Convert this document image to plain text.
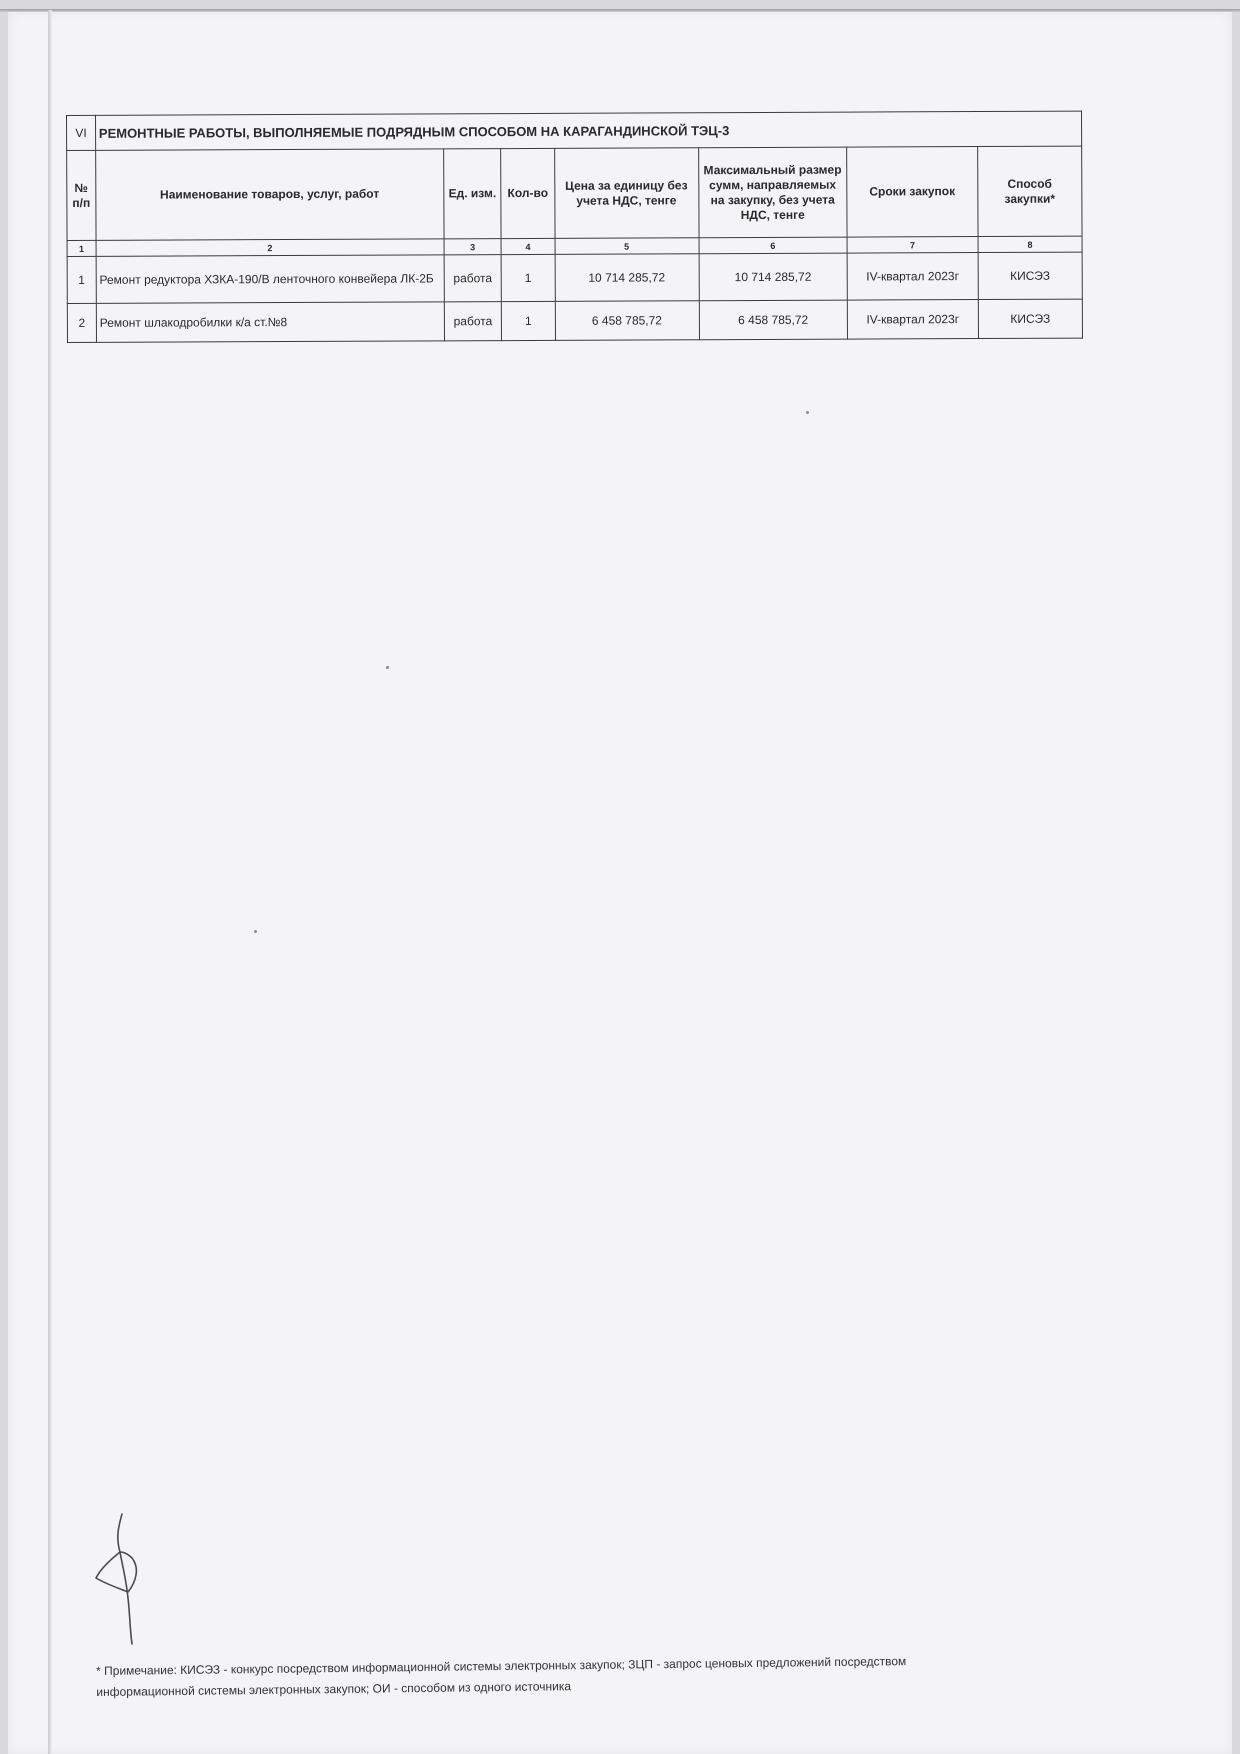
VI	РЕМОНТНЫЕ РАБОТЫ, ВЫПОЛНЯЕМЫЕ ПОДРЯДНЫМ СПОСОБОМ НА КАРАГАНДИНСКОЙ ТЭЦ-3						
№ п/п	Наименование товаров, услуг, работ	Ед. изм.	Кол-во	Цена за единицу без учета НДС, тенге	Максимальный размер сумм, направляемых на закупку, без учета НДС, тенге	Сроки закупок	Способ закупки*
1	2	3	4	5	6	7	8
1	Ремонт редуктора ХЗКА-190/В ленточного конвейера ЛК-2Б	работа	1	10 714 285,72	10 714 285,72	IV-квартал 2023г	КИСЭЗ
2	Ремонт шлакодробилки к/а ст.№8	работа	1	6 458 785,72	6 458 785,72	IV-квартал 2023г	КИСЭЗ
* Примечание: КИСЭЗ - конкурс посредством информационной системы электронных закупок; ЗЦП - запрос ценовых предложений посредством
информационной системы электронных закупок; ОИ - способом из одного источника
